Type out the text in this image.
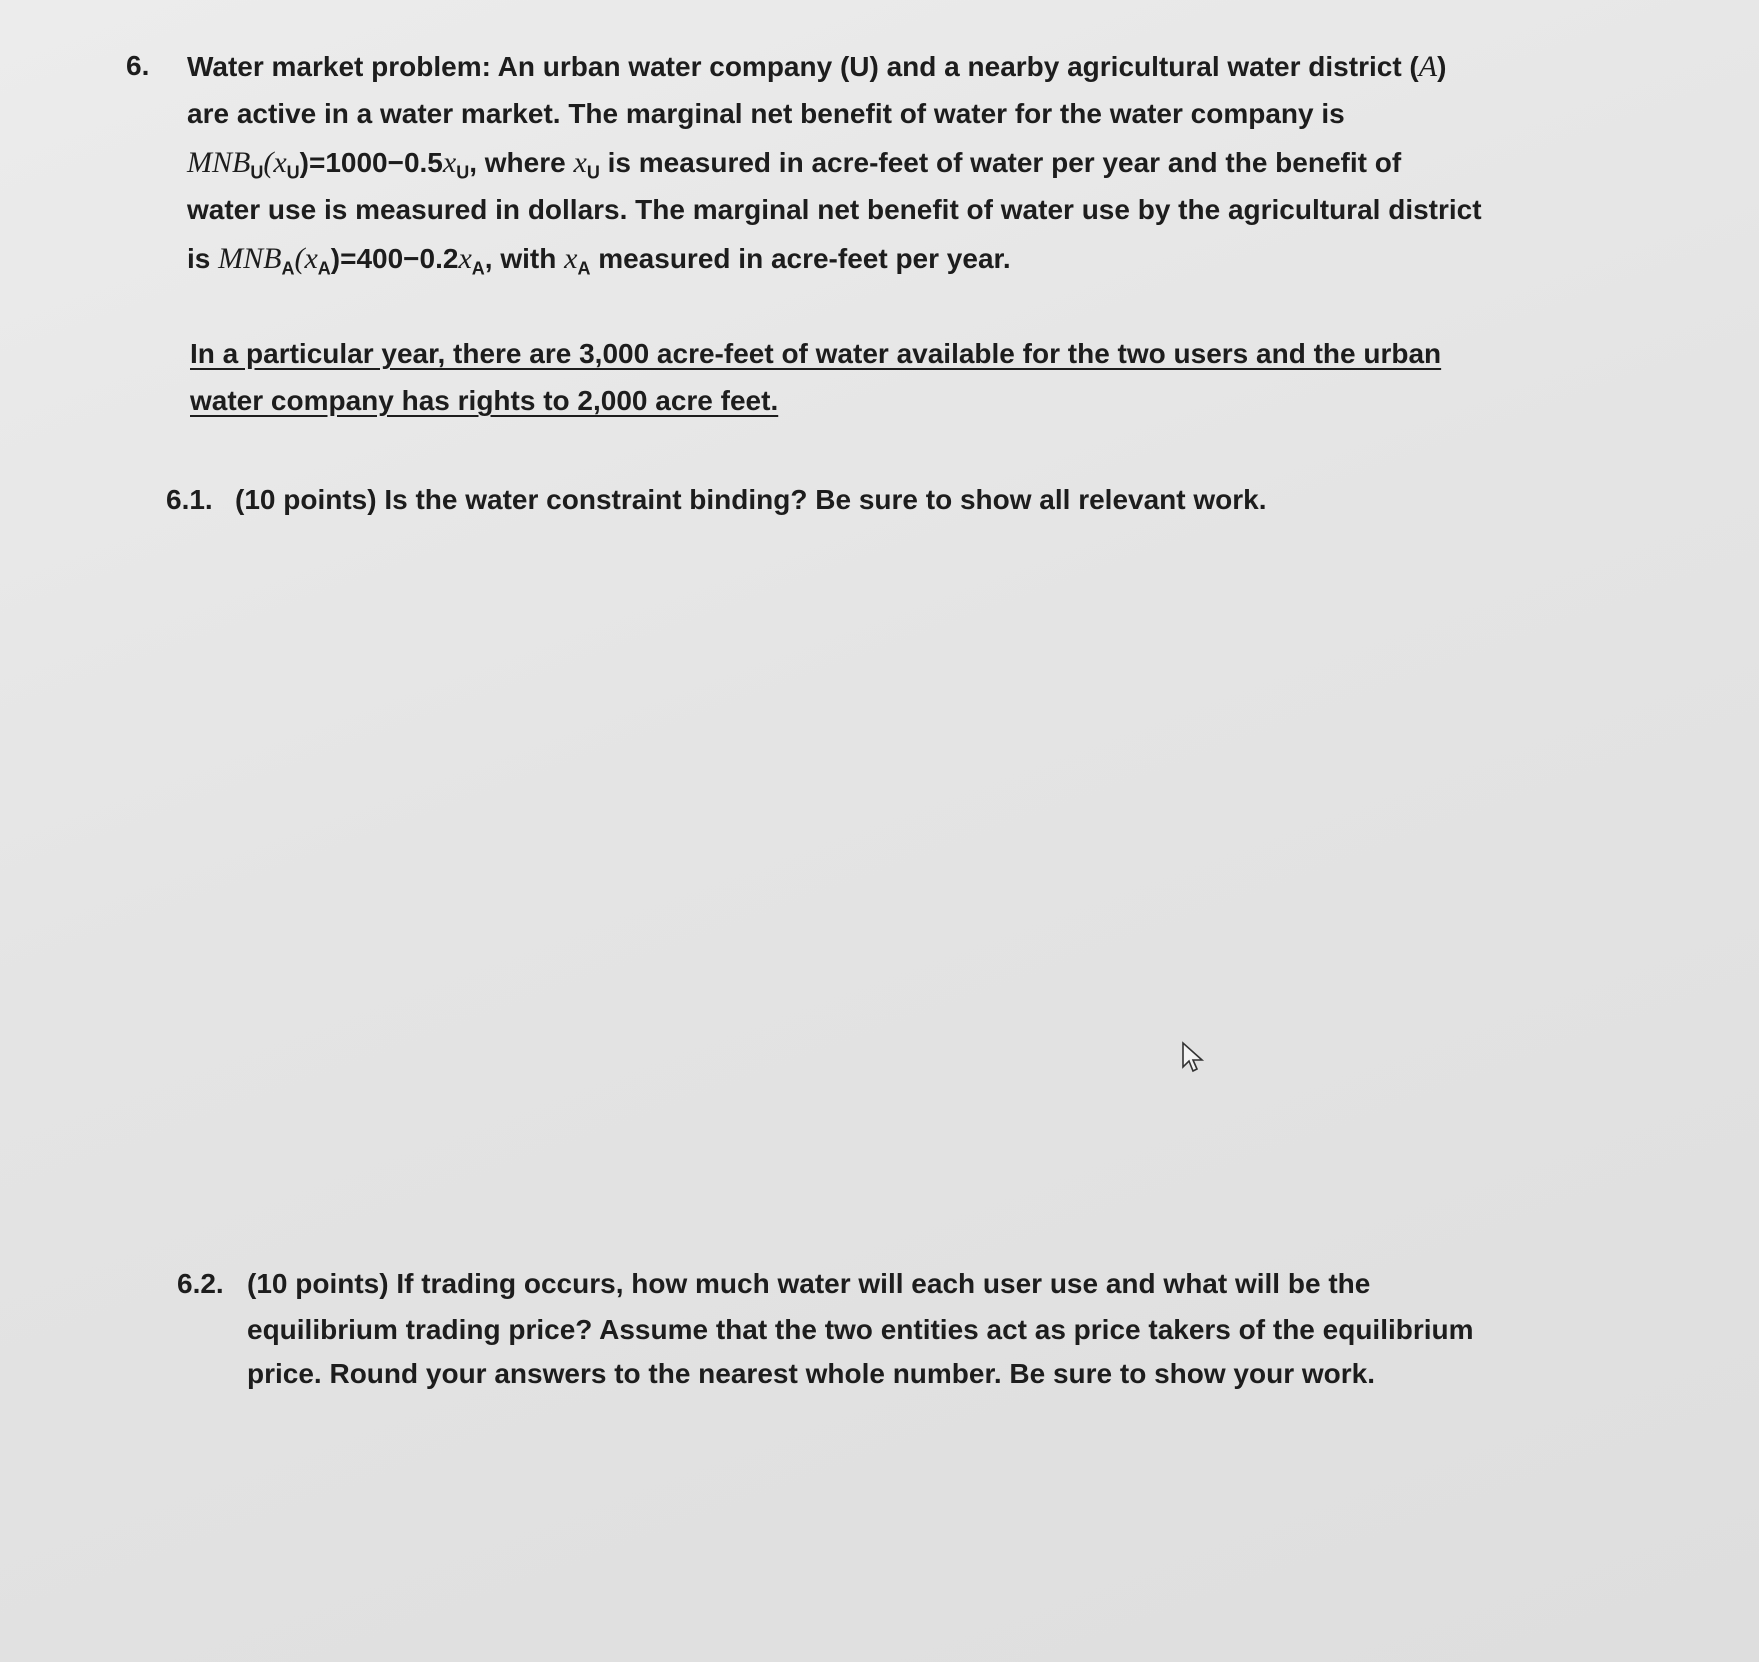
6. Water market problem: An urban water company (U) and a nearby agricultural water district (A)
are active in a water market. The marginal net benefit of water for the water company is
$MNB_U(x_U)=1000-0.5x_U$, where $x_U$ is measured in acre-feet of water per year and the benefit of
water use is measured in dollars. The marginal net benefit of water use by the agricultural district
is $MNB_A(x_A)=400-0.2x_A$, with $x_A$ measured in acre-feet per year.
In a particular year, there are 3,000 acre-feet of water available for the two users and the urban
water company has rights to 2,000 acre feet.
6.1. (10 points) Is the water constraint binding? Be sure to show all relevant work.
6.2. (10 points) If trading occurs, how much water will each user use and what will be the
equilibrium trading price? Assume that the two entities act as price takers of the equilibrium
price. Round your answers to the nearest whole number. Be sure to show your work.
